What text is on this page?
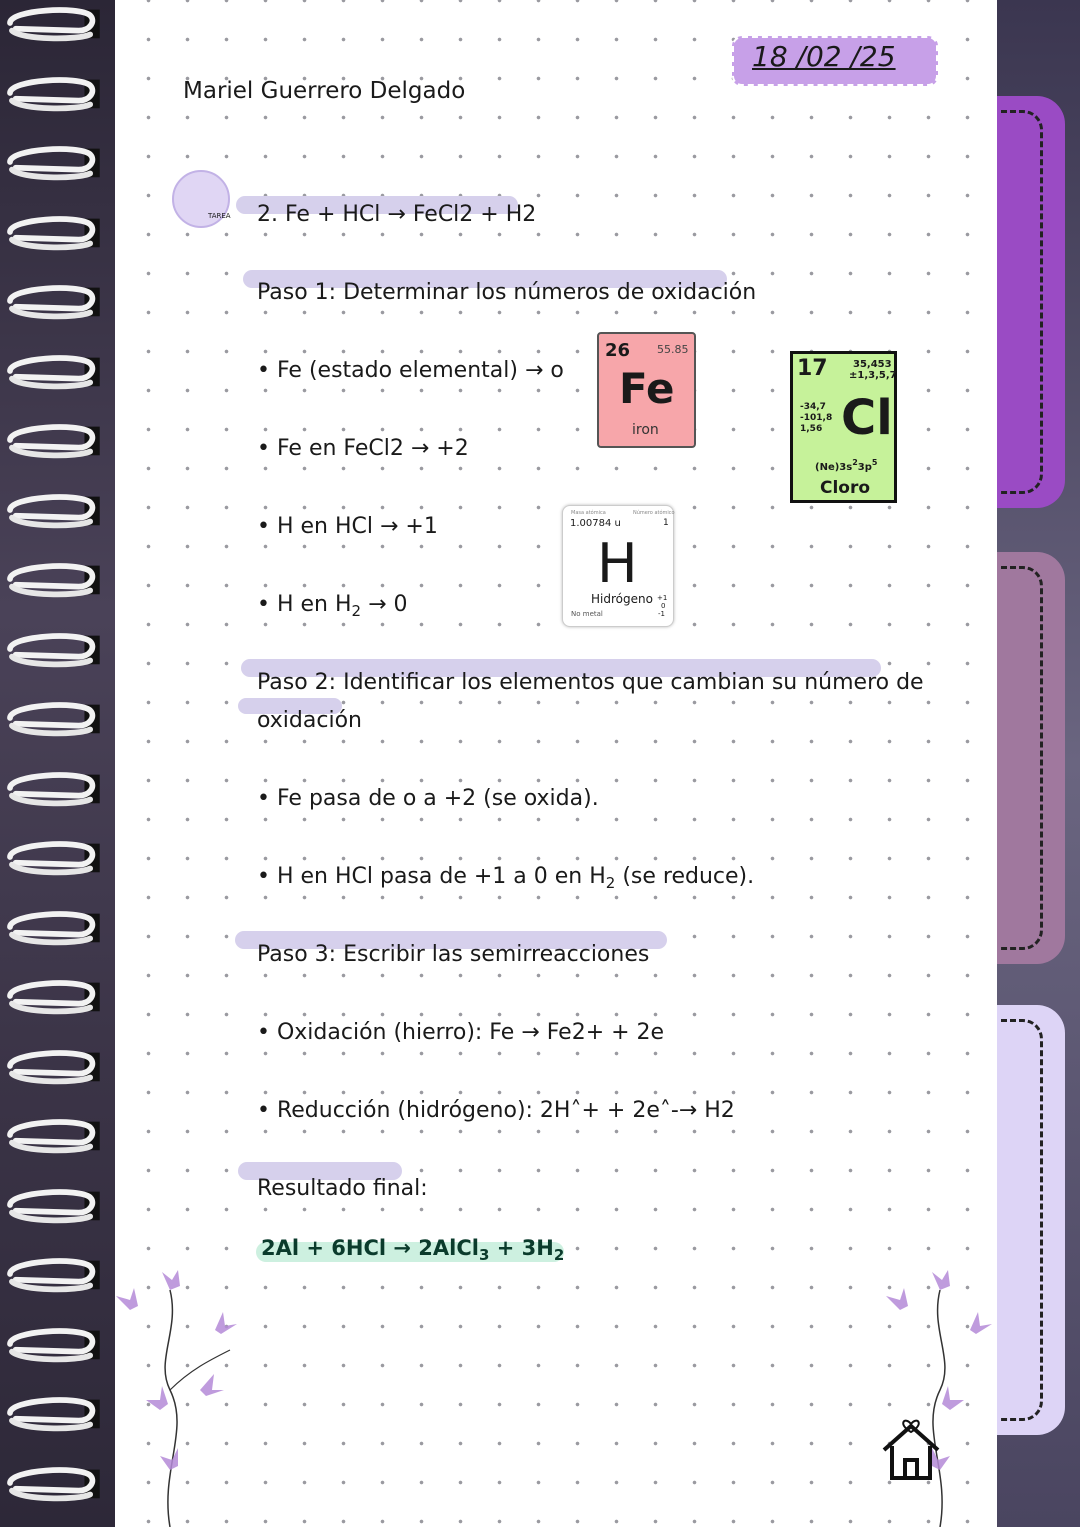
18 /02 /25
Mariel Guerrero Delgado
TAREA 2. Fe + HCl → FeCl2 + H2
Paso 1: Determinar los números de oxidación
• Fe (estado elemental) → o
• Fe en FeCl2 → +2
• H en HCl → +1
• H en $H_2 \to 0$
26 55.85
Fe
iron
Masa atómica	Número atómico
1.00784 u	1
H
Hidrógeno
No metal
+1
0
-1
17	35,453
±1,3,5,7
-34,7
-101,8
1,56 Cl
$(Ne)3s^23p^5$
Cloro
Paso 2: Identificar los elementos que cambian su número de
oxidación
• Fe pasa de o a +2 (se oxida).
• H en HCl pasa de +1 a 0 en $H_2$ (se reduce).
Paso 3: Escribir las semirreacciones
• Oxidación (hierro): Fe → Fe2+ + 2e
• Reducción (hidrógeno): 2H˄+ + 2e˄-→ H2
Resultado final:
2Al + 6HCl → 2AlCl$_3$ + $3H_2$
